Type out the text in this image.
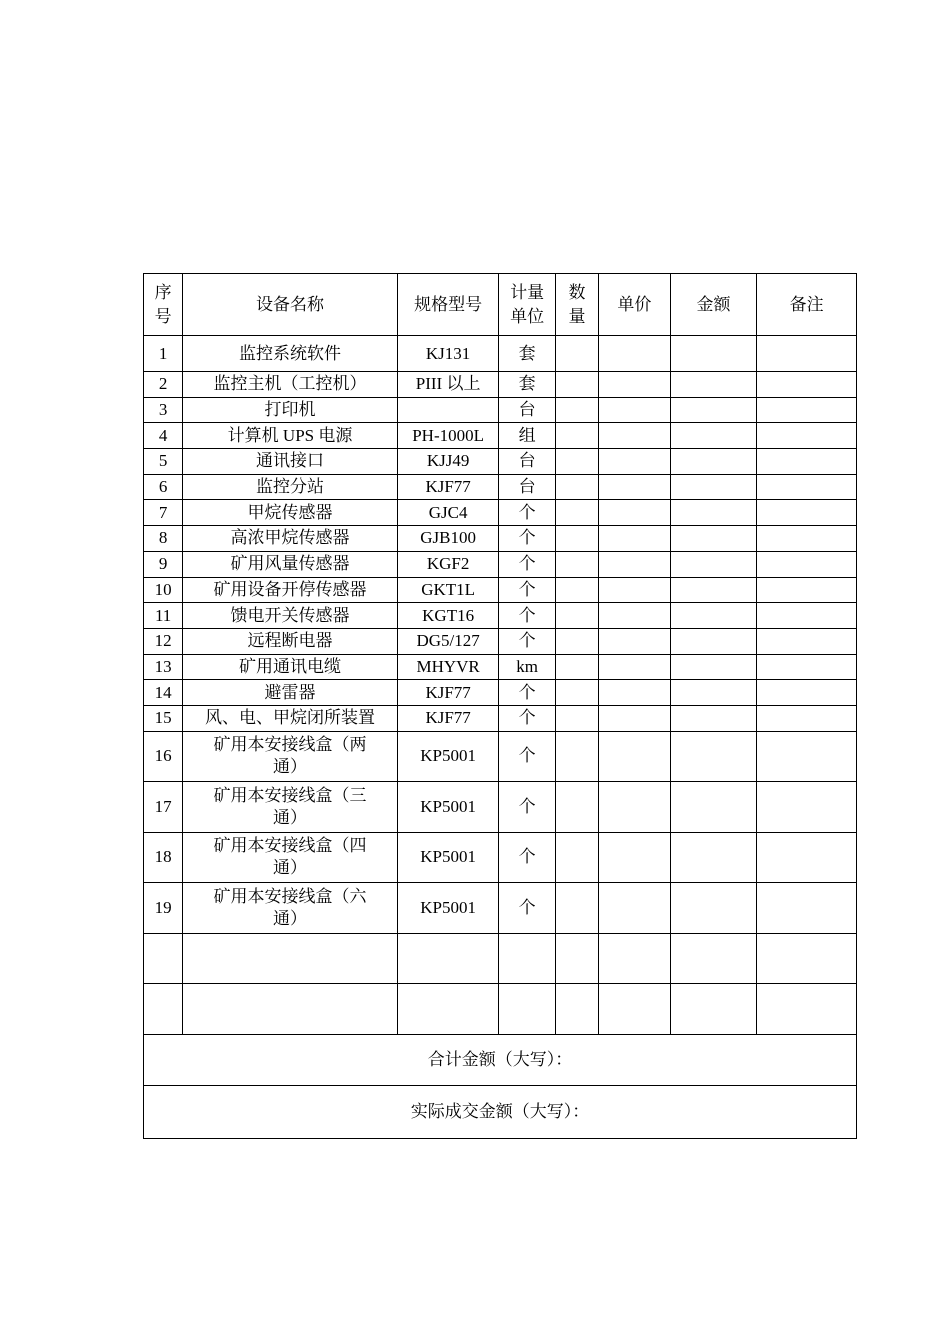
序号	设备名称	规格型号	计量单位	数量	单价	金额	备注
1	监控系统软件	KJ131	套				
2	监控主机（工控机）	PIII 以上	套				
3	打印机		台				
4	计算机 UPS 电源	PH-1000L	组				
5	通讯接口	KJJ49	台				
6	监控分站	KJF77	台				
7	甲烷传感器	GJC4	个				
8	高浓甲烷传感器	GJB100	个				
9	矿用风量传感器	KGF2	个				
10	矿用设备开停传感器	GKT1L	个				
11	馈电开关传感器	KGT16	个				
12	远程断电器	DG5/127	个				
13	矿用通讯电缆	MHYVR	km				
14	避雷器	KJF77	个				
15	风、电、甲烷闭所装置	KJF77	个				
16	矿用本安接线盒（两通）	KP5001	个				
17	矿用本安接线盒（三通）	KP5001	个				
18	矿用本安接线盒（四通）	KP5001	个				
19	矿用本安接线盒（六通）	KP5001	个				

合计金额（大写）：							
实际成交金额（大写）：							
